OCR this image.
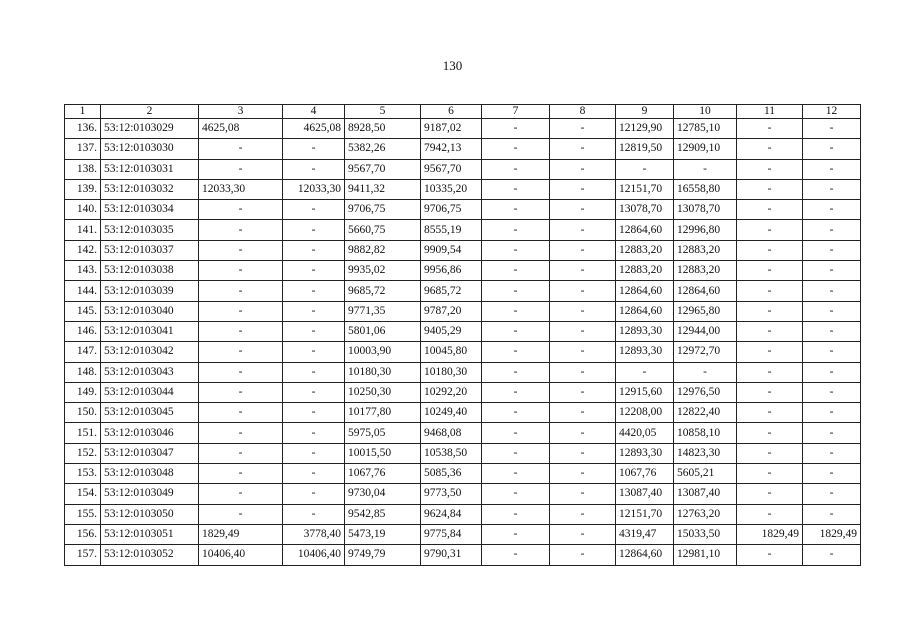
130
1	2	3	4	5	6	7	8	9	10	11	12
136.	53:12:0103029	4625,08	4625,08	8928,50	9187,02	-	-	12129,90	12785,10	-	-
137.	53:12:0103030	-	-	5382,26	7942,13	-	-	12819,50	12909,10	-	-
138.	53:12:0103031	-	-	9567,70	9567,70	-	-	-	-	-	-
139.	53:12:0103032	12033,30	12033,30	9411,32	10335,20	-	-	12151,70	16558,80	-	-
140.	53:12:0103034	-	-	9706,75	9706,75	-	-	13078,70	13078,70	-	-
141.	53:12:0103035	-	-	5660,75	8555,19	-	-	12864,60	12996,80	-	-
142.	53:12:0103037	-	-	9882,82	9909,54	-	-	12883,20	12883,20	-	-
143.	53:12:0103038	-	-	9935,02	9956,86	-	-	12883,20	12883,20	-	-
144.	53:12:0103039	-	-	9685,72	9685,72	-	-	12864,60	12864,60	-	-
145.	53:12:0103040	-	-	9771,35	9787,20	-	-	12864,60	12965,80	-	-
146.	53:12:0103041	-	-	5801,06	9405,29	-	-	12893,30	12944,00	-	-
147.	53:12:0103042	-	-	10003,90	10045,80	-	-	12893,30	12972,70	-	-
148.	53:12:0103043	-	-	10180,30	10180,30	-	-	-	-	-	-
149.	53:12:0103044	-	-	10250,30	10292,20	-	-	12915,60	12976,50	-	-
150.	53:12:0103045	-	-	10177,80	10249,40	-	-	12208,00	12822,40	-	-
151.	53:12:0103046	-	-	5975,05	9468,08	-	-	4420,05	10858,10	-	-
152.	53:12:0103047	-	-	10015,50	10538,50	-	-	12893,30	14823,30	-	-
153.	53:12:0103048	-	-	1067,76	5085,36	-	-	1067,76	5605,21	-	-
154.	53:12:0103049	-	-	9730,04	9773,50	-	-	13087,40	13087,40	-	-
155.	53:12:0103050	-	-	9542,85	9624,84	-	-	12151,70	12763,20	-	-
156.	53:12:0103051	1829,49	3778,40	5473,19	9775,84	-	-	4319,47	15033,50	1829,49	1829,49
157.	53:12:0103052	10406,40	10406,40	9749,79	9790,31	-	-	12864,60	12981,10	-	-
